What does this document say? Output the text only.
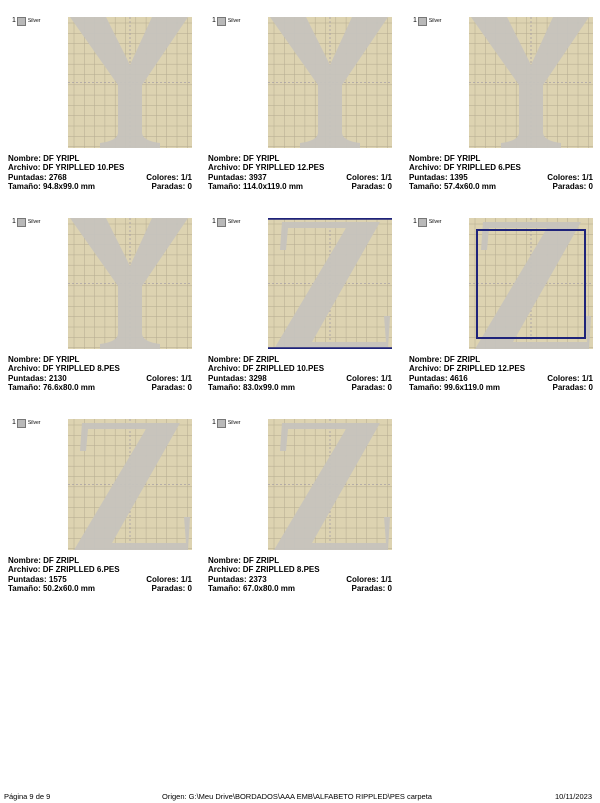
1 Silver
Nombre: DF YRIPL
Archivo: DF YRIPLLED 10.PES
Puntadas: 2768	Colores: 1/1
Tamaño: 94.8x99.0 mm	Paradas: 0
1 Silver
Nombre: DF YRIPL
Archivo: DF YRIPLLED 12.PES
Puntadas: 3937	Colores: 1/1
Tamaño: 114.0x119.0 mm	Paradas: 0
1 Silver
Nombre: DF YRIPL
Archivo: DF YRIPLLED 6.PES
Puntadas: 1395	Colores: 1/1
Tamaño: 57.4x60.0 mm	Paradas: 0
1 Silver
Nombre: DF YRIPL
Archivo: DF YRIPLLED 8.PES
Puntadas: 2130	Colores: 1/1
Tamaño: 76.6x80.0 mm	Paradas: 0
1 Silver
Nombre: DF ZRIPL
Archivo: DF ZRIPLLED 10.PES
Puntadas: 3298	Colores: 1/1
Tamaño: 83.0x99.0 mm	Paradas: 0
1 Silver
Nombre: DF ZRIPL
Archivo: DF ZRIPLLED 12.PES
Puntadas: 4616	Colores: 1/1
Tamaño: 99.6x119.0 mm	Paradas: 0
1 Silver
Nombre: DF ZRIPL
Archivo: DF ZRIPLLED 6.PES
Puntadas: 1575	Colores: 1/1
Tamaño: 50.2x60.0 mm	Paradas: 0
1 Silver
Nombre: DF ZRIPL
Archivo: DF ZRIPLLED 8.PES
Puntadas: 2373	Colores: 1/1
Tamaño: 67.0x80.0 mm	Paradas: 0
Página 9 de 9	Origen: G:\Meu Drive\BORDADOS\AAA EMB\ALFABETO RIPPLED\PES carpeta	10/11/2023
